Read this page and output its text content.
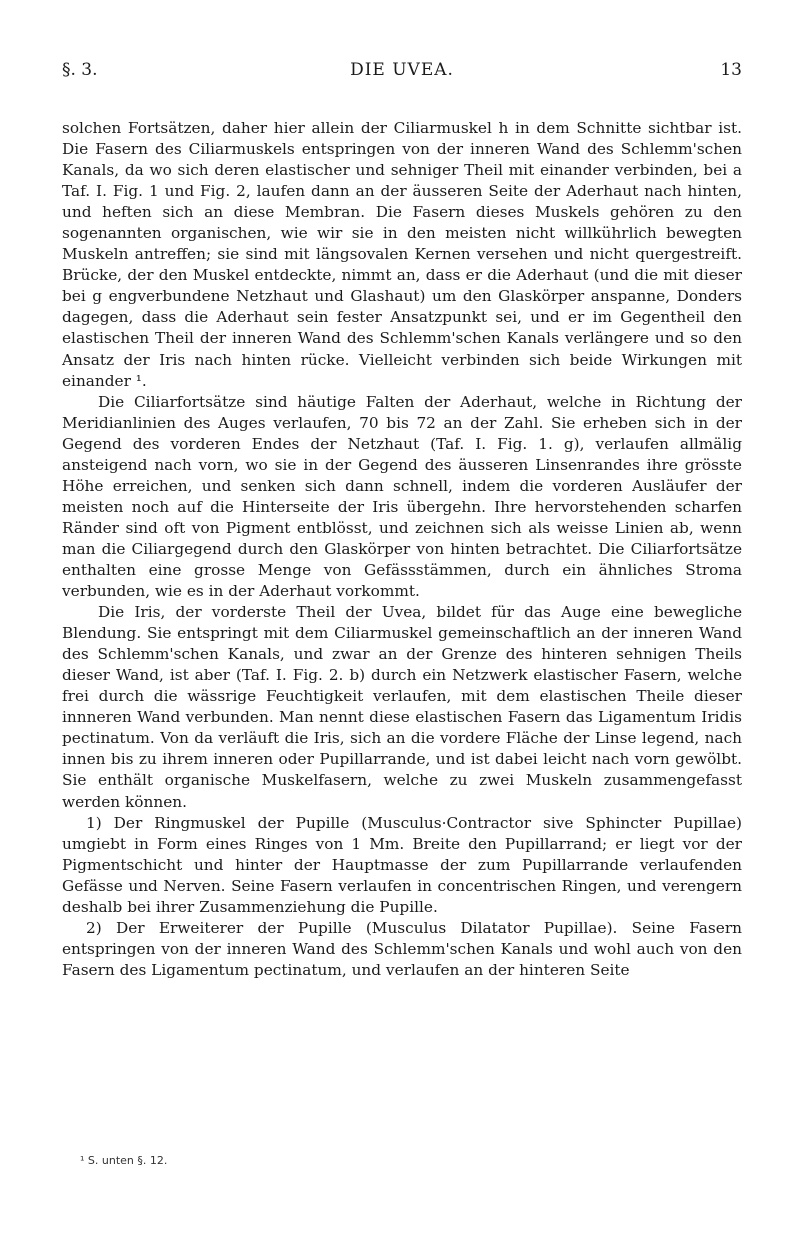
§. 3.	DIE UVEA.	13

solchen Fortsätzen, daher hier allein der Ciliarmuskel h in dem Schnitte sichtbar ist. Die Fasern des Ciliarmuskels entspringen von der inneren Wand des Schlemm'schen Kanals, da wo sich deren elastischer und sehniger Theil mit einander verbinden, bei a Taf. I. Fig. 1 und Fig. 2, laufen dann an der äusseren Seite der Aderhaut nach hinten, und heften sich an diese Membran. Die Fasern dieses Muskels gehören zu den sogenannten organischen, wie wir sie in den meisten nicht willkührlich bewegten Muskeln antreffen; sie sind mit längsovalen Kernen versehen und nicht quergestreift. Brücke, der den Muskel entdeckte, nimmt an, dass er die Aderhaut (und die mit dieser bei g engverbundene Netzhaut und Glashaut) um den Glaskörper anspanne, Donders dagegen, dass die Aderhaut sein fester Ansatzpunkt sei, und er im Gegentheil den elastischen Theil der inneren Wand des Schlemm'schen Kanals verlängere und so den Ansatz der Iris nach hinten rücke. Vielleicht verbinden sich beide Wirkungen mit einander ¹.

Die Ciliarfortsätze sind häutige Falten der Aderhaut, welche in Richtung der Meridianlinien des Auges verlaufen, 70 bis 72 an der Zahl. Sie erheben sich in der Gegend des vorderen Endes der Netzhaut (Taf. I. Fig. 1. g), verlaufen allmälig ansteigend nach vorn, wo sie in der Gegend des äusseren Linsenrandes ihre grösste Höhe erreichen, und senken sich dann schnell, indem die vorderen Ausläufer der meisten noch auf die Hinterseite der Iris übergehn. Ihre hervorstehenden scharfen Ränder sind oft von Pigment entblösst, und zeichnen sich als weisse Linien ab, wenn man die Ciliargegend durch den Glaskörper von hinten betrachtet. Die Ciliarfortsätze enthalten eine grosse Menge von Gefässstämmen, durch ein ähnliches Stroma verbunden, wie es in der Aderhaut vorkommt.

Die Iris, der vorderste Theil der Uvea, bildet für das Auge eine bewegliche Blendung. Sie entspringt mit dem Ciliarmuskel gemeinschaftlich an der inneren Wand des Schlemm'schen Kanals, und zwar an der Grenze des hinteren sehnigen Theils dieser Wand, ist aber (Taf. I. Fig. 2. b) durch ein Netzwerk elastischer Fasern, welche frei durch die wässrige Feuchtigkeit verlaufen, mit dem elastischen Theile dieser innneren Wand verbunden. Man nennt diese elastischen Fasern das Ligamentum Iridis pectinatum. Von da verläuft die Iris, sich an die vordere Fläche der Linse legend, nach innen bis zu ihrem inneren oder Pupillarrande, und ist dabei leicht nach vorn gewölbt. Sie enthält organische Muskelfasern, welche zu zwei Muskeln zusammengefasst werden können.

1) Der Ringmuskel der Pupille (Musculus·Contractor sive Sphincter Pupillae) umgiebt in Form eines Ringes von 1 Mm. Breite den Pupillarrand; er liegt vor der Pigmentschicht und hinter der Hauptmasse der zum Pupillarrande verlaufenden Gefässe und Nerven. Seine Fasern verlaufen in concentrischen Ringen, und verengern deshalb bei ihrer Zusammenziehung die Pupille.

2) Der Erweiterer der Pupille (Musculus Dilatator Pupillae). Seine Fasern entspringen von der inneren Wand des Schlemm'schen Kanals und wohl auch von den Fasern des Ligamentum pectinatum, und verlaufen an der hinteren Seite

¹ S. unten §. 12.
